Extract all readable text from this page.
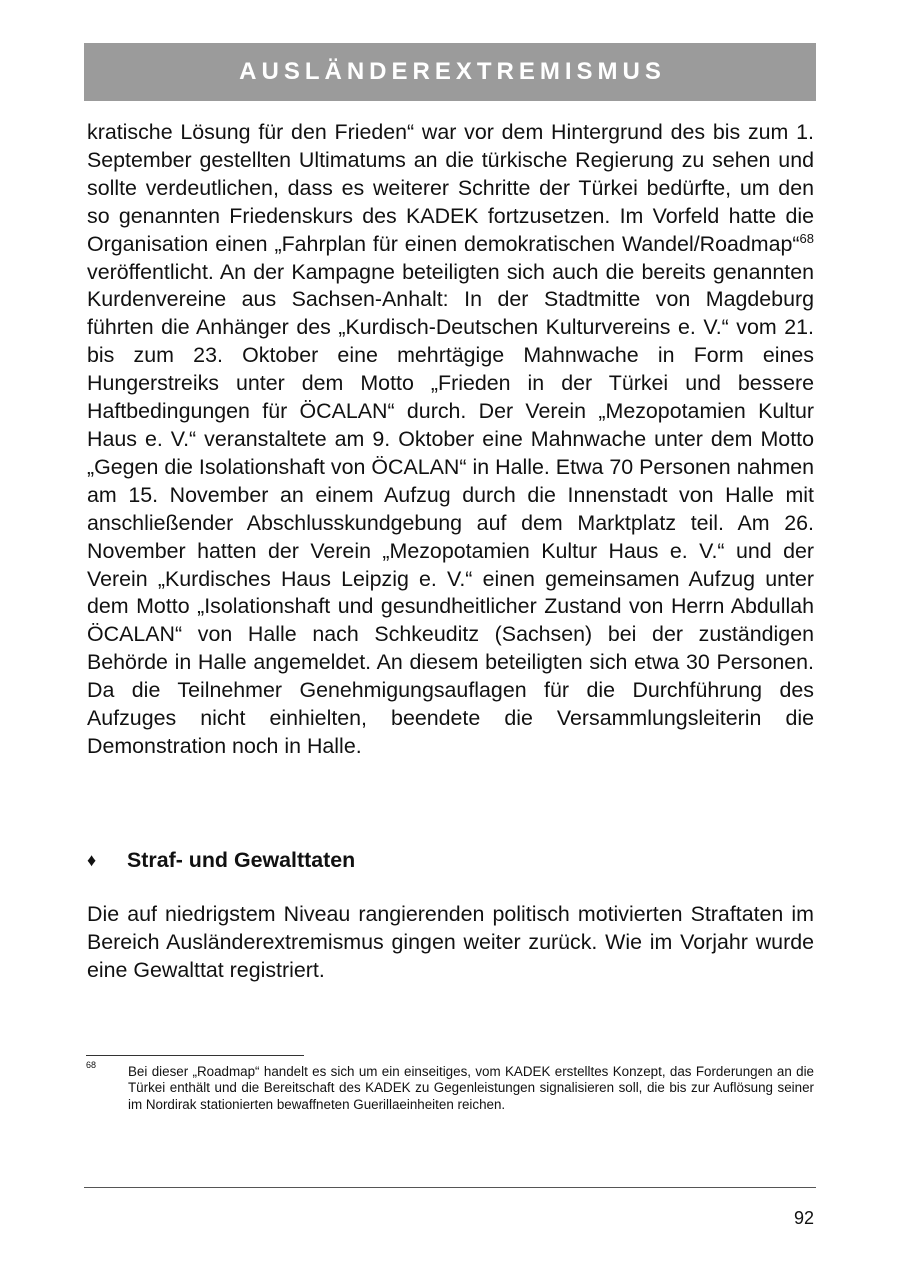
AUSLÄNDEREXTREMISMUS

kratische Lösung für den Frieden“ war vor dem Hintergrund des bis zum 1. September gestellten Ultimatums an die türkische Regierung zu sehen und sollte verdeutlichen, dass es weiterer Schritte der Türkei bedürfte, um den so genannten Friedenskurs des KADEK fortzusetzen. Im Vorfeld hatte die Organisation einen „Fahrplan für einen demokratischen Wandel/Roadmap“$^{68}$ veröffentlicht. An der Kampagne beteiligten sich auch die bereits genannten Kurdenvereine aus Sachsen-Anhalt: In der Stadtmitte von Magdeburg führten die Anhänger des „Kurdisch-Deutschen Kulturvereins e. V.“ vom 21. bis zum 23. Oktober eine mehrtägige Mahnwache in Form eines Hungerstreiks unter dem Motto „Frieden in der Türkei und bessere Haftbedingungen für ÖCALAN“ durch. Der Verein „Mezopotamien Kultur Haus e. V.“ veranstaltete am 9. Oktober eine Mahnwache unter dem Motto „Gegen die Isolationshaft von ÖCALAN“ in Halle. Etwa 70 Personen nahmen am 15. November an einem Aufzug durch die Innenstadt von Halle mit anschließender Abschlusskundgebung auf dem Marktplatz teil. Am 26. November hatten der Verein „Mezopotamien Kultur Haus e. V.“ und der Verein „Kurdisches Haus Leipzig e. V.“ einen gemeinsamen Aufzug unter dem Motto „Isolationshaft und gesundheitlicher Zustand von Herrn Abdullah ÖCALAN“ von Halle nach Schkeuditz (Sachsen) bei der zuständigen Behörde in Halle angemeldet. An diesem beteiligten sich etwa 30 Personen. Da die Teilnehmer Genehmigungsauflagen für die Durchführung des Aufzuges nicht einhielten, beendete die Versammlungsleiterin die Demonstration noch in Halle.

♦	Straf- und Gewalttaten

Die auf niedrigstem Niveau rangierenden politisch motivierten Straftaten im Bereich Ausländerextremismus gingen weiter zurück. Wie im Vorjahr wurde eine Gewalttat registriert.

68 Bei dieser „Roadmap“ handelt es sich um ein einseitiges, vom KADEK erstelltes Konzept, das Forderungen an die Türkei enthält und die Bereitschaft des KADEK zu Gegenleistungen signalisieren soll, die bis zur Auflösung seiner im Nordirak stationierten bewaffneten Guerillaeinheiten reichen.

92
